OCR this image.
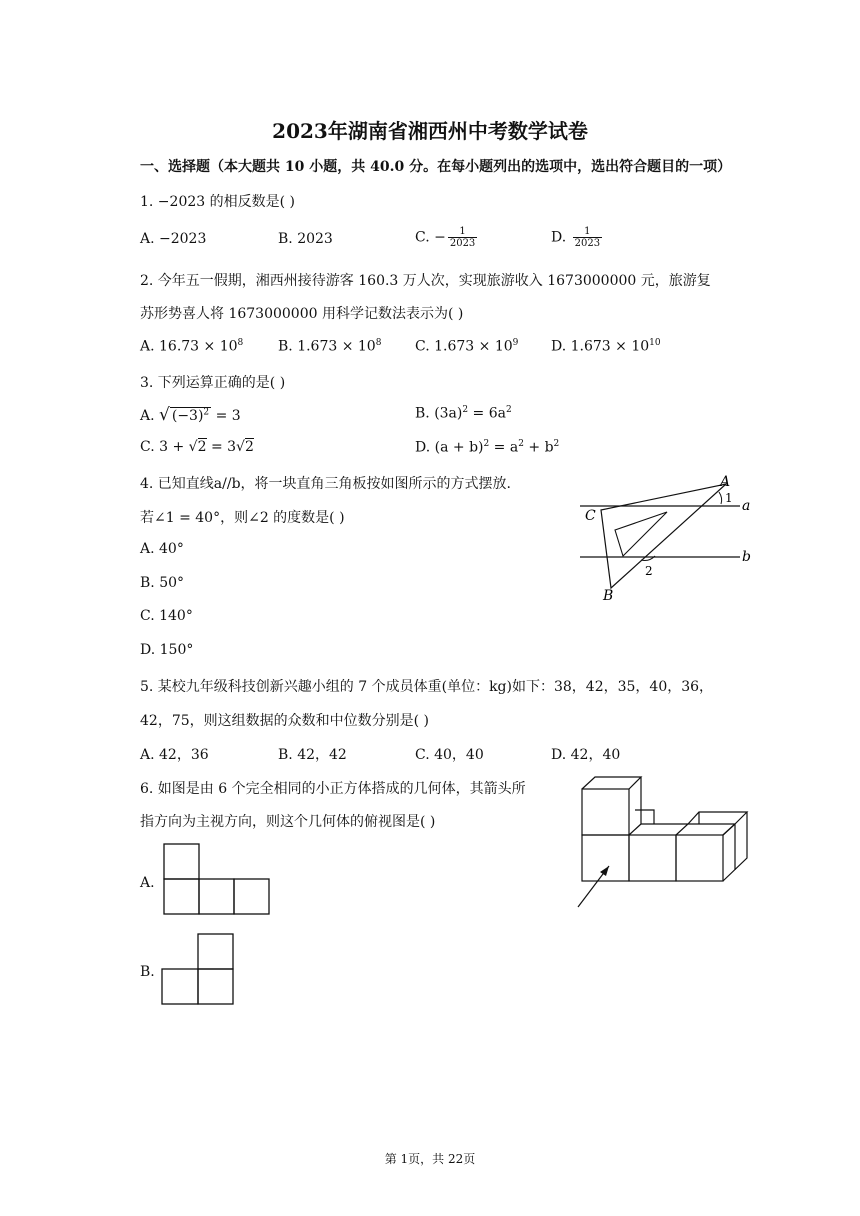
2023年湖南省湘西州中考数学试卷
一、选择题（本大题共 10 小题，共 40.0 分。在每小题列出的选项中，选出符合题目的一项）
1. −2023 的相反数是( )
A. −2023	B. 2023	C. − $\frac{1}{2023}$	D. $\frac{1}{2023}$
2. 今年五一假期，湘西州接待游客 160.3 万人次，实现旅游收入 1673000000 元，旅游复
苏形势喜人将 1673000000 用科学记数法表示为( )
A. $16.73 \times 10^8$ B. $1.673 \times 10^8$ C. $1.673 \times 10^9$ D. $1.673 \times 10^{10}$
3. 下列运算正确的是( )
A. √ $(-3)^2 = 3$	B. $(3a)^2 = 6a^2$
C. 3 + √2 = 3√2	D. $(a + b)^2 = a^2 + b^2$
4. 已知直线a//b，将一块直角三角板按如图所示的方式摆放.
若∠1 = 40°，则∠2 的度数是( )
A. 40°
B. 50°
C. 140°
D. 150°
A
C
B
a
b
1
2
5. 某校九年级科技创新兴趣小组的 7 个成员体重(单位：kg)如下：38，42，35，40，36，
42，75，则这组数据的众数和中位数分别是( )
A. 42，36	B. 42，42	C. 40，40	D. 42，40
6. 如图是由 6 个完全相同的小正方体搭成的几何体，其箭头所
指方向为主视方向，则这个几何体的俯视图是( )
A.
B.
第 1页，共 22页
